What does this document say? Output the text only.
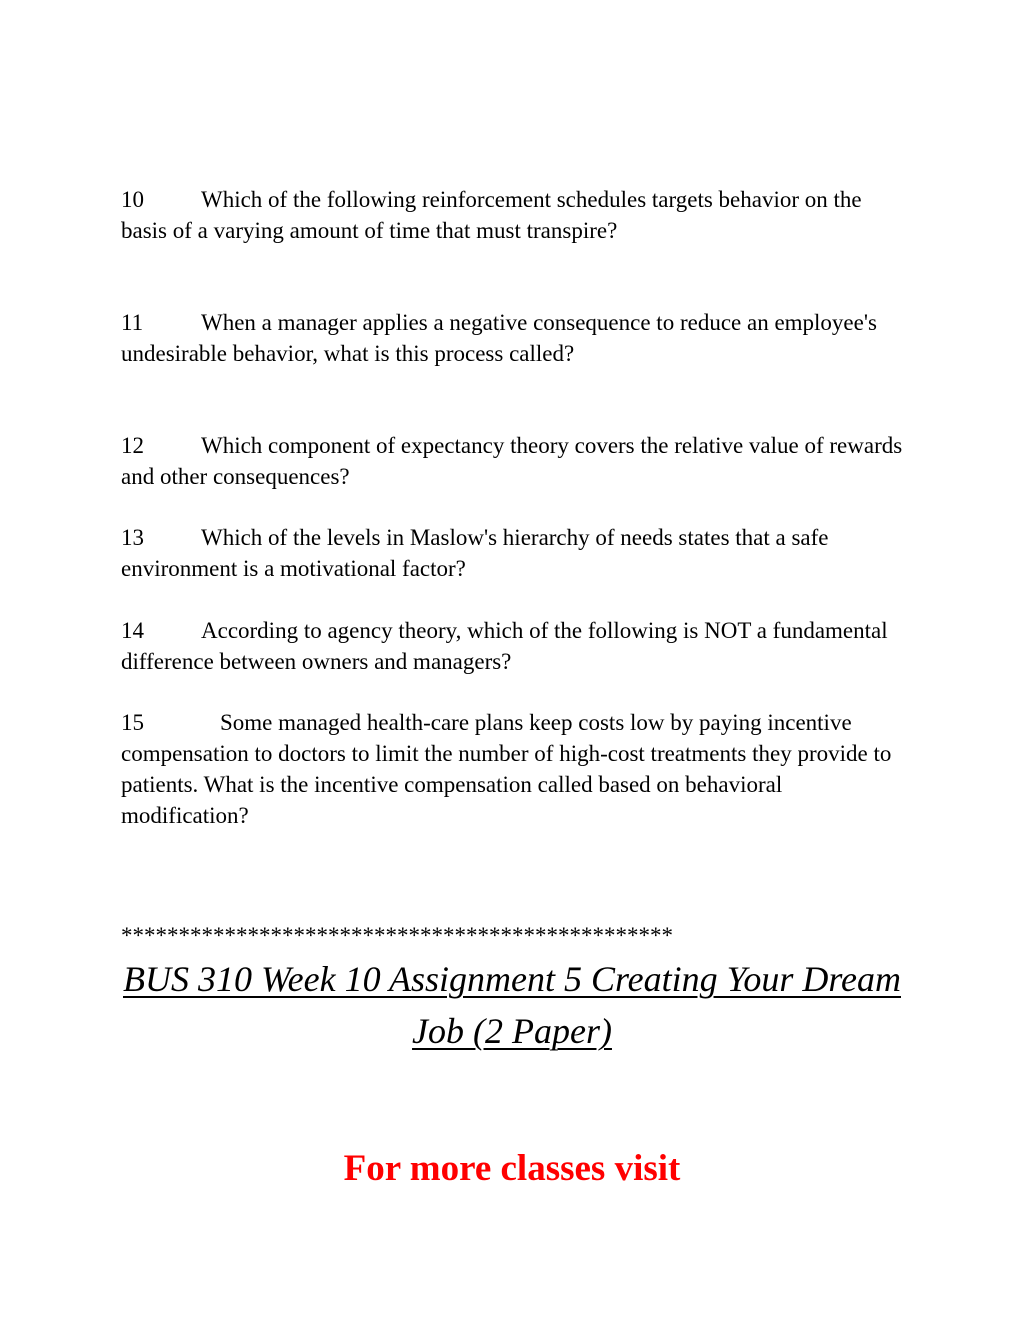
10 Which of the following reinforcement schedules targets behavior on the basis of a varying amount of time that must transpire?
11	When a manager applies a negative consequence to reduce an employee's undesirable behavior, what is this process called?
12 Which component of expectancy theory covers the relative value of rewards and other consequences?
13 Which of the levels in Maslow's hierarchy of needs states that a safe environment is a motivational factor?
14 According to agency theory, which of the following is NOT a fundamental difference between owners and managers?
15	Some managed health-care plans keep costs low by paying incentive compensation to doctors to limit the number of high-cost treatments they provide to patients. What is the incentive compensation called based on behavioral modification?
************************************************
BUS 310 Week 10 Assignment 5 Creating Your Dream Job (2 Paper)
For more classes visit
